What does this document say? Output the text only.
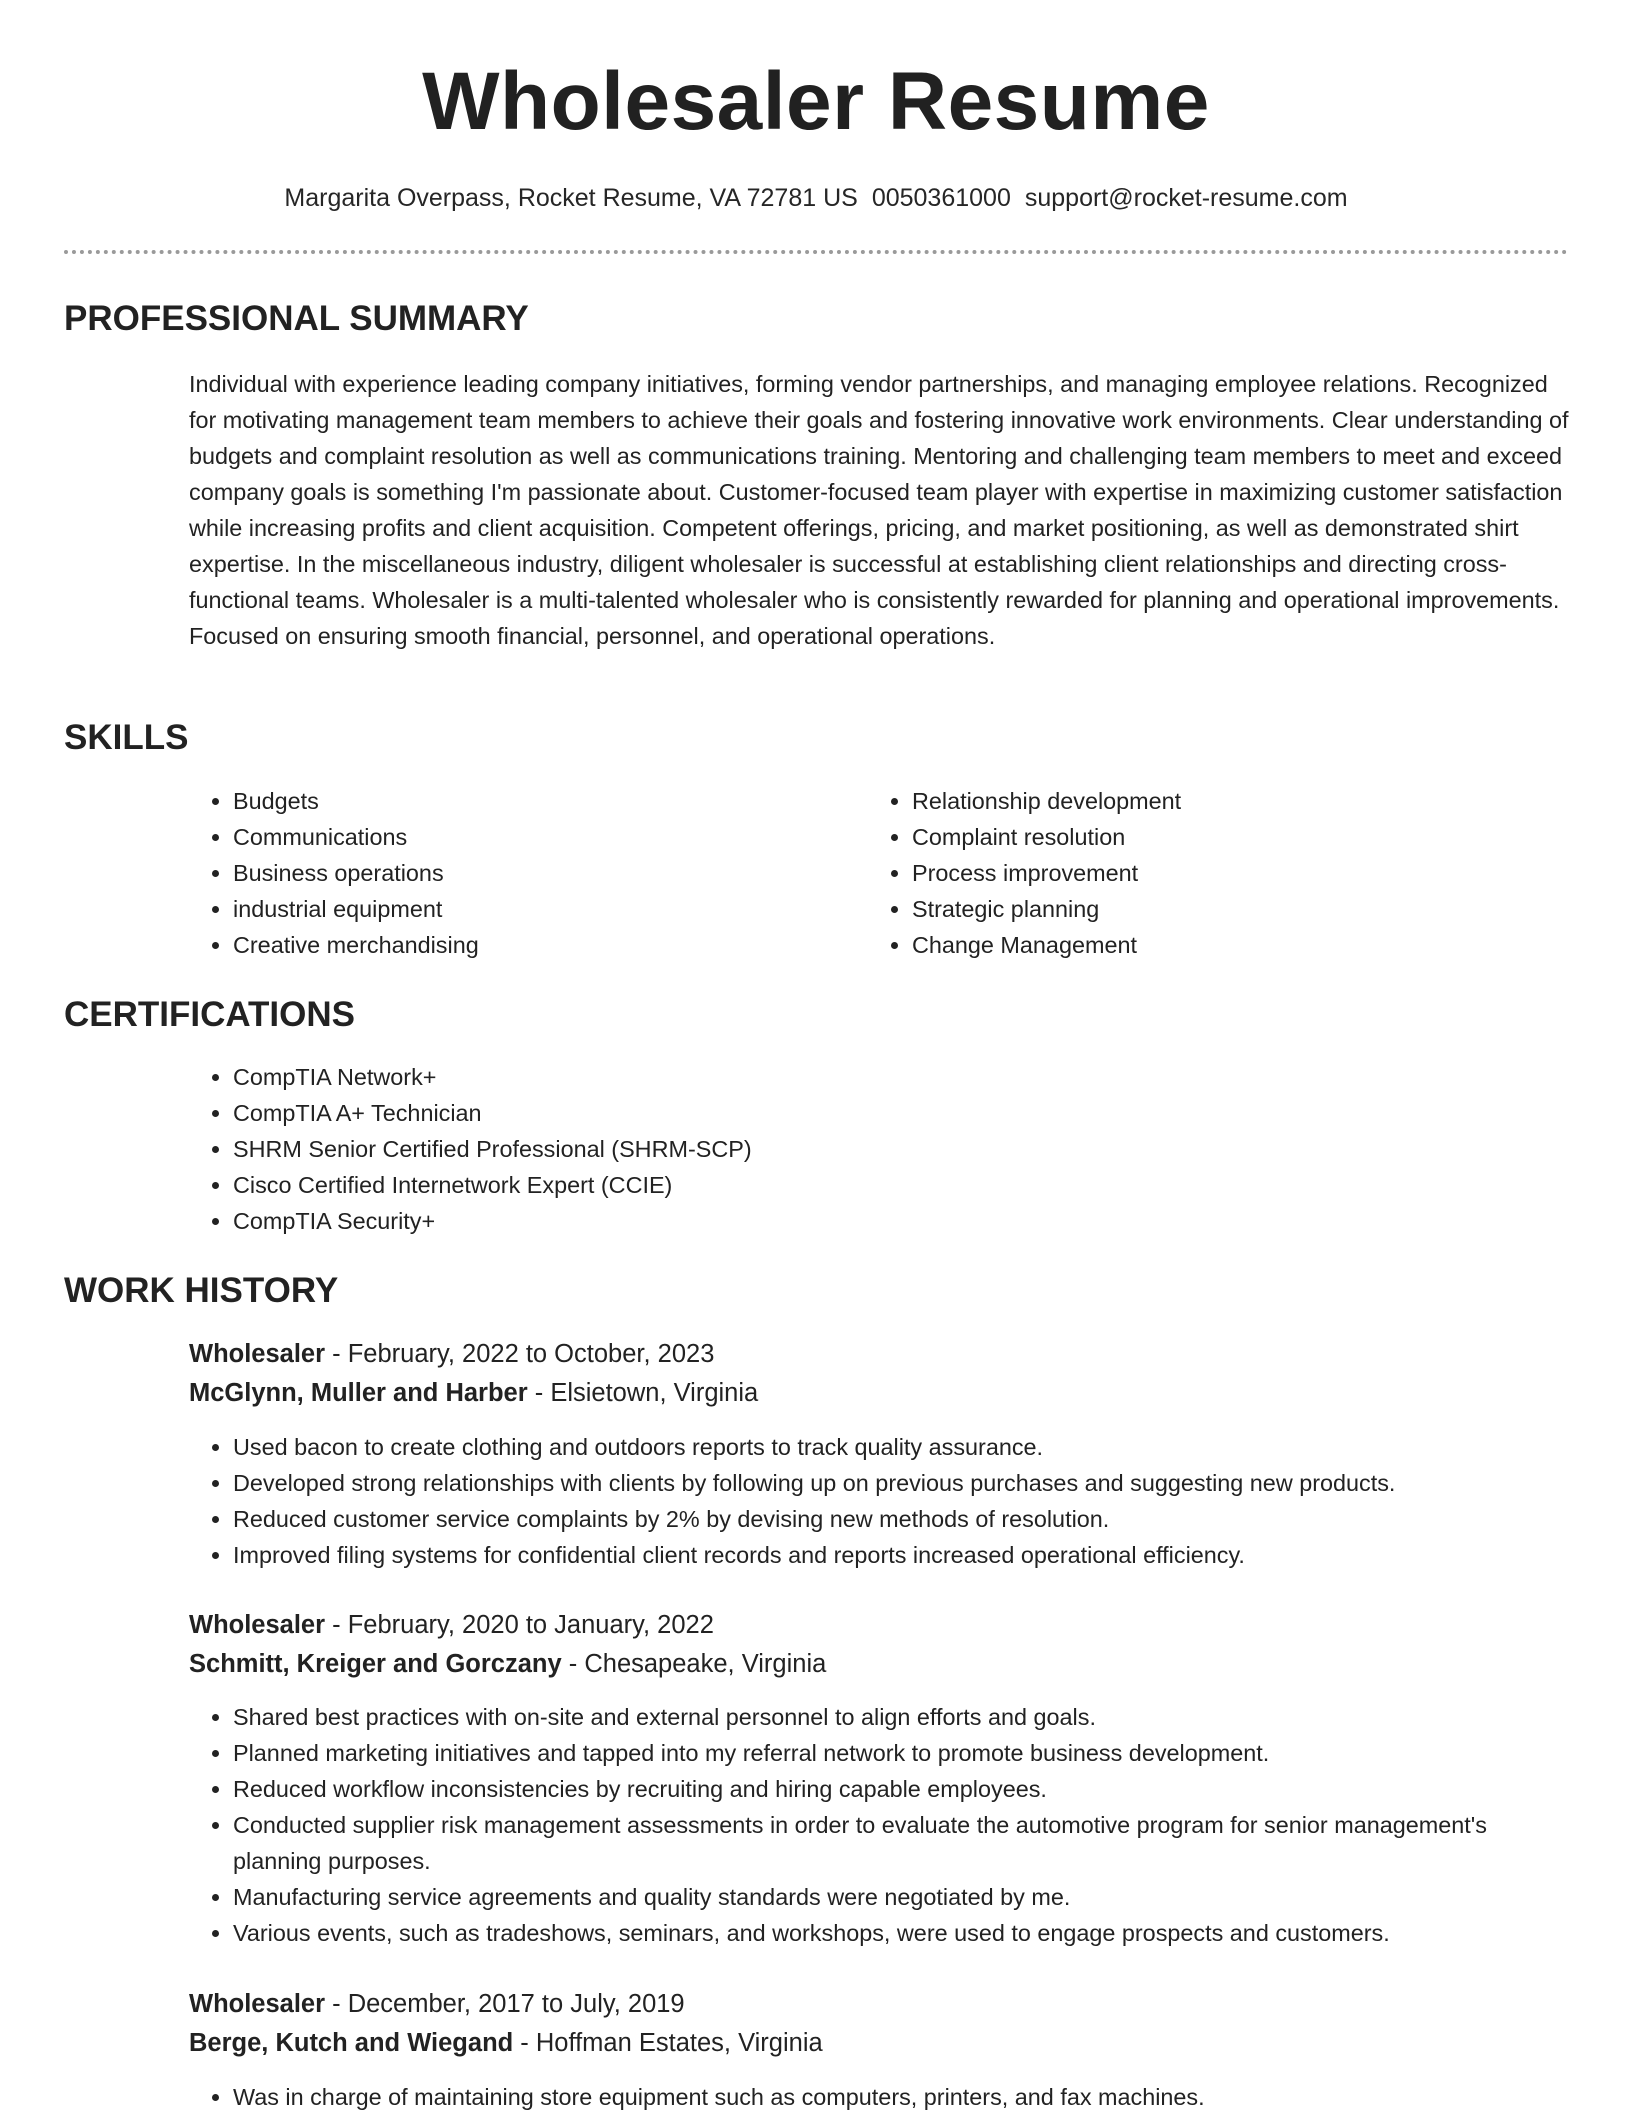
Wholesaler Resume
Margarita Overpass, Rocket Resume, VA 72781 US 0050361000 support@rocket-resume.com
PROFESSIONAL SUMMARY

Individual with experience leading company initiatives, forming vendor partnerships, and managing employee relations. Recognized for motivating management team members to achieve their goals and fostering innovative work environments. Clear understanding of budgets and complaint resolution as well as communications training. Mentoring and challenging team members to meet and exceed company goals is something I'm passionate about. Customer-focused team player with expertise in maximizing customer satisfaction while increasing profits and client acquisition. Competent offerings, pricing, and market positioning, as well as demonstrated shirt expertise. In the miscellaneous industry, diligent wholesaler is successful at establishing client relationships and directing cross-functional teams. Wholesaler is a multi-talented wholesaler who is consistently rewarded for planning and operational improvements. Focused on ensuring smooth financial, personnel, and operational operations.

SKILLS
• Budgets
• Communications
• Business operations
• industrial equipment
• Creative merchandising
• Relationship development
• Complaint resolution
• Process improvement
• Strategic planning
• Change Management
CERTIFICATIONS
• CompTIA Network+
• CompTIA A+ Technician
• SHRM Senior Certified Professional (SHRM-SCP)
• Cisco Certified Internetwork Expert (CCIE)
• CompTIA Security+
WORK HISTORY
Wholesaler - February, 2022 to October, 2023
McGlynn, Muller and Harber - Elsietown, Virginia
• Used bacon to create clothing and outdoors reports to track quality assurance.
• Developed strong relationships with clients by following up on previous purchases and suggesting new products.
• Reduced customer service complaints by 2% by devising new methods of resolution.
• Improved filing systems for confidential client records and reports increased operational efficiency.
Wholesaler - February, 2020 to January, 2022
Schmitt, Kreiger and Gorczany - Chesapeake, Virginia
• Shared best practices with on-site and external personnel to align efforts and goals.
• Planned marketing initiatives and tapped into my referral network to promote business development.
• Reduced workflow inconsistencies by recruiting and hiring capable employees.
• Conducted supplier risk management assessments in order to evaluate the automotive program for senior management's planning purposes.
• Manufacturing service agreements and quality standards were negotiated by me.
• Various events, such as tradeshows, seminars, and workshops, were used to engage prospects and customers.
Wholesaler - December, 2017 to July, 2019
Berge, Kutch and Wiegand - Hoffman Estates, Virginia
• Was in charge of maintaining store equipment such as computers, printers, and fax machines.
